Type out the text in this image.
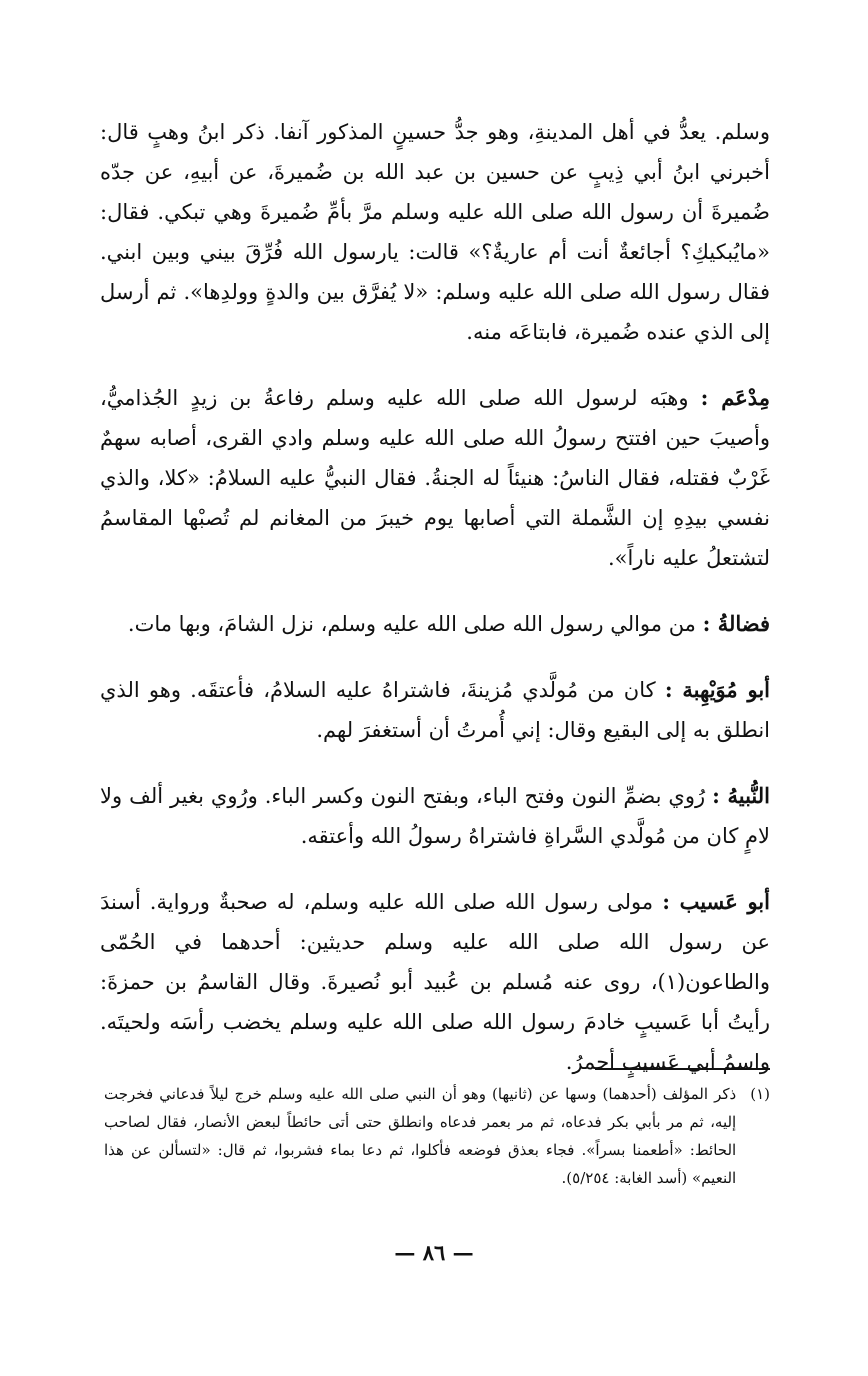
وسلم. يعدُّ في أهل المدينةِ، وهو جدُّ حسينٍ المذكور آنفا. ذكر ابنُ وهبٍ قال: أخبرني ابنُ أبي ذِيبٍ عن حسين بن عبد الله بن ضُميرةَ، عن أبيهِ، عن جدّه ضُميرةَ أن رسول الله صلى الله عليه وسلم مرَّ بأمِّ ضُميرةَ وهي تبكي. فقال: «مايُبكيكِ؟ أجائعةٌ أنت أم عاريةٌ؟» قالت: يارسول الله فُرِّقَ بيني وبين ابني. فقال رسول الله صلى الله عليه وسلم: «لا يُفرَّق بين والدةٍ وولدِها». ثم أرسل إلى الذي عنده ضُميرة، فابتاعَه منه.

مِدْعَم : وهبَه لرسول الله صلى الله عليه وسلم رفاعةُ بن زيدٍ الجُذاميُّ، وأصيبَ حين افتتح رسولُ الله صلى الله عليه وسلم وادي القرى، أصابه سهمٌ غَرْبٌ فقتله، فقال الناسُ: هنيئاً له الجنةُ. فقال النبيُّ عليه السلامُ: «كلا، والذي نفسي بيدِهِ إن الشَّملة التي أصابها يوم خيبرَ من المغانم لم تُصبْها المقاسمُ لتشتعلُ عليه ناراً».

فضالةُ : من موالي رسول الله صلى الله عليه وسلم، نزل الشامَ، وبها مات.

أبو مُوَيْهِبة : كان من مُولَّدي مُزينةَ، فاشتراهُ عليه السلامُ، فأعتقَه. وهو الذي انطلق به إلى البقيع وقال: إني أُمرتُ أن أستغفرَ لهم.

النُّبيهُ : رُوي بضمِّ النون وفتح الباء، وبفتح النون وكسر الباء. ورُوي بغير ألف ولا لامٍ كان من مُولَّدي السَّراةِ فاشتراهُ رسولُ الله وأعتقه.

أبو عَسيب : مولى رسول الله صلى الله عليه وسلم، له صحبةٌ ورواية. أسندَ عن رسول الله صلى الله عليه وسلم حديثين: أحدهما في الحُمّى والطاعون(١)، روى عنه مُسلم بن عُبيد أبو نُصيرةَ. وقال القاسمُ بن حمزةَ: رأيتُ أبا عَسيبٍ خادمَ رسول الله صلى الله عليه وسلم يخضب رأسَه ولحيتَه. واسمُ أبي عَسيبٍ أحمرُ.

(١)

ذكر المؤلف (أحدهما) وسها عن (ثانيها) وهو أن النبي صلى الله عليه وسلم خرج ليلاً فدعاني فخرجت إليه، ثم مر بأبي بكر فدعاه، ثم مر بعمر فدعاه وانطلق حتى أتى حائطاً لبعض الأنصار، فقال لصاحب الحائط: «أطعمنا بسراً». فجاء بعذق فوضعه فأكلوا، ثم دعا بماء فشربوا، ثم قال: «لتسألن عن هذا النعيم» (أسد الغابة: ٥/٢٥٤).

— ٨٦ —
